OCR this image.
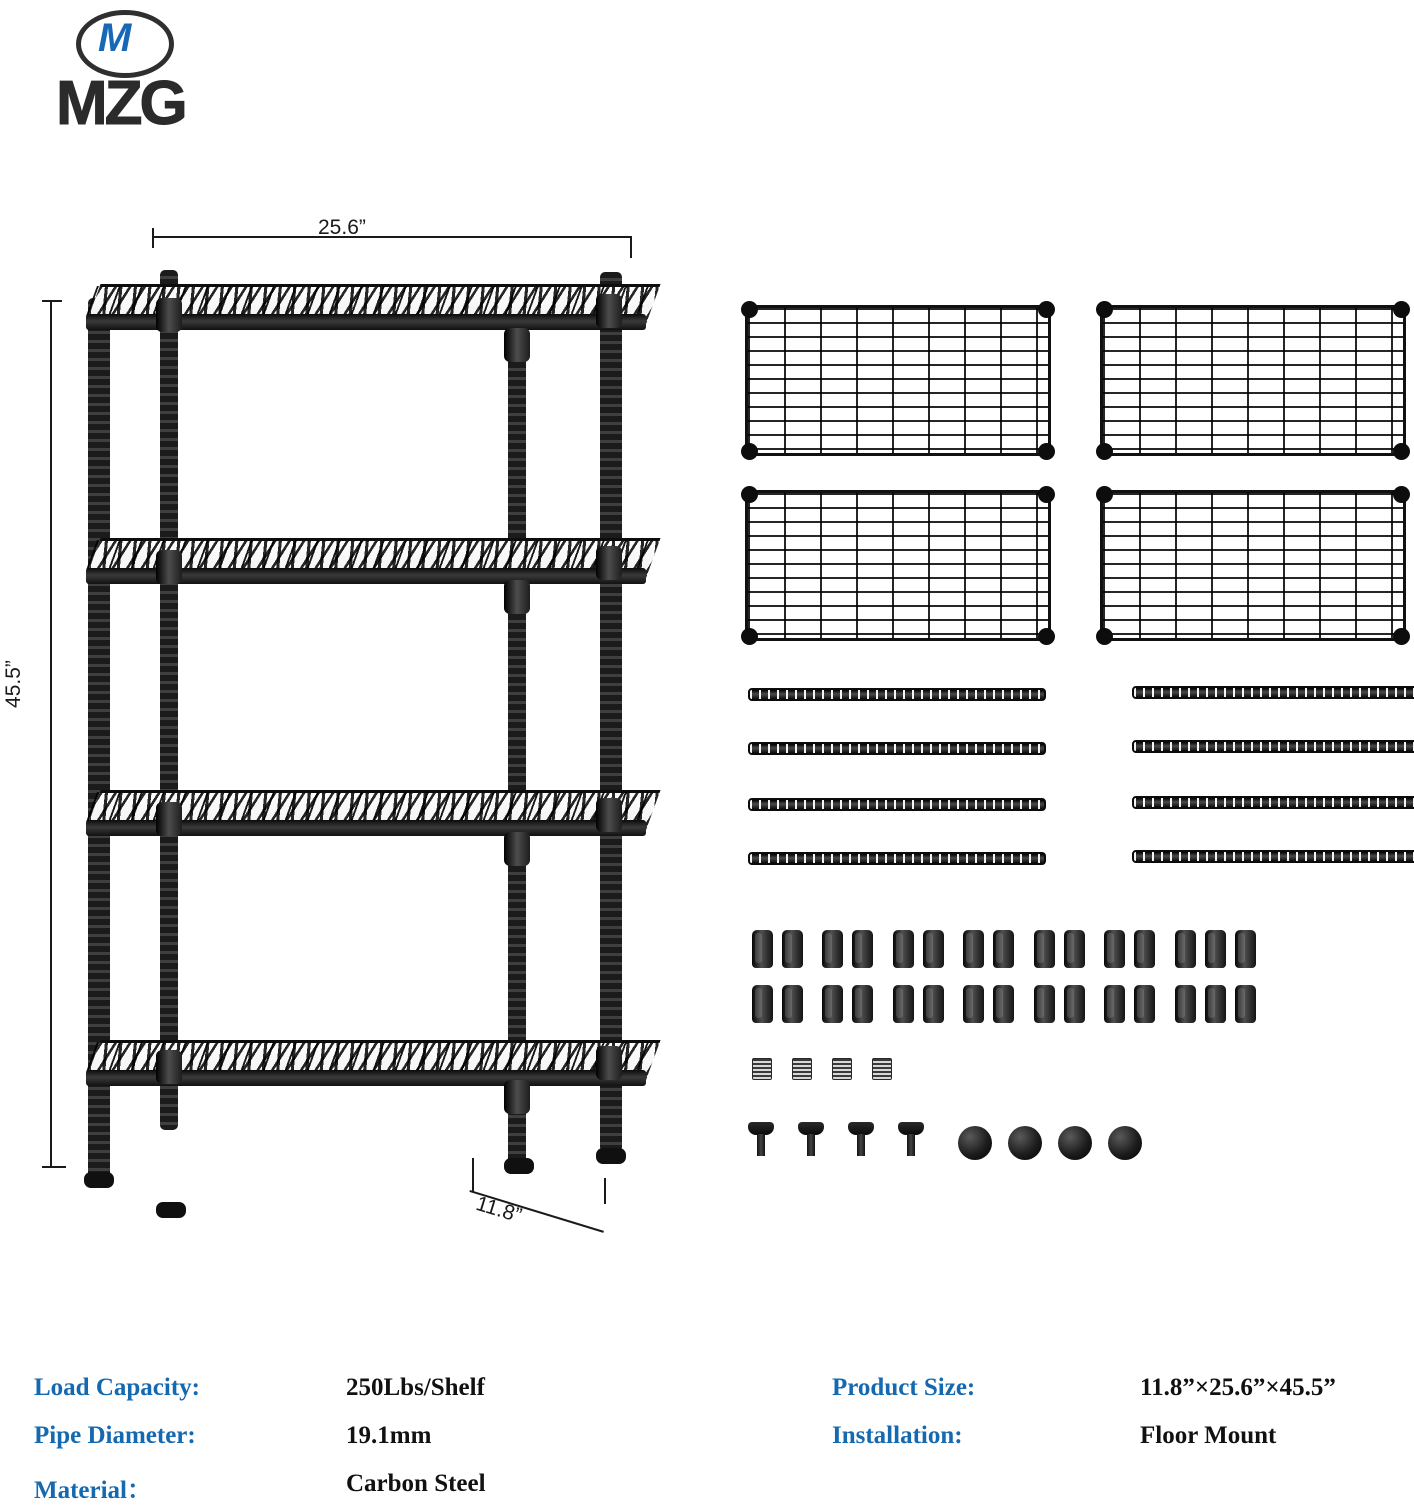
M
MZG
25.6”
45.5”
11.8”
Load Capacity:	250Lbs/Shelf
Pipe Diameter:	19.1mm
Material：	Carbon Steel
Product Size:	11.8”×25.6”×45.5”
Installation:	Floor Mount
